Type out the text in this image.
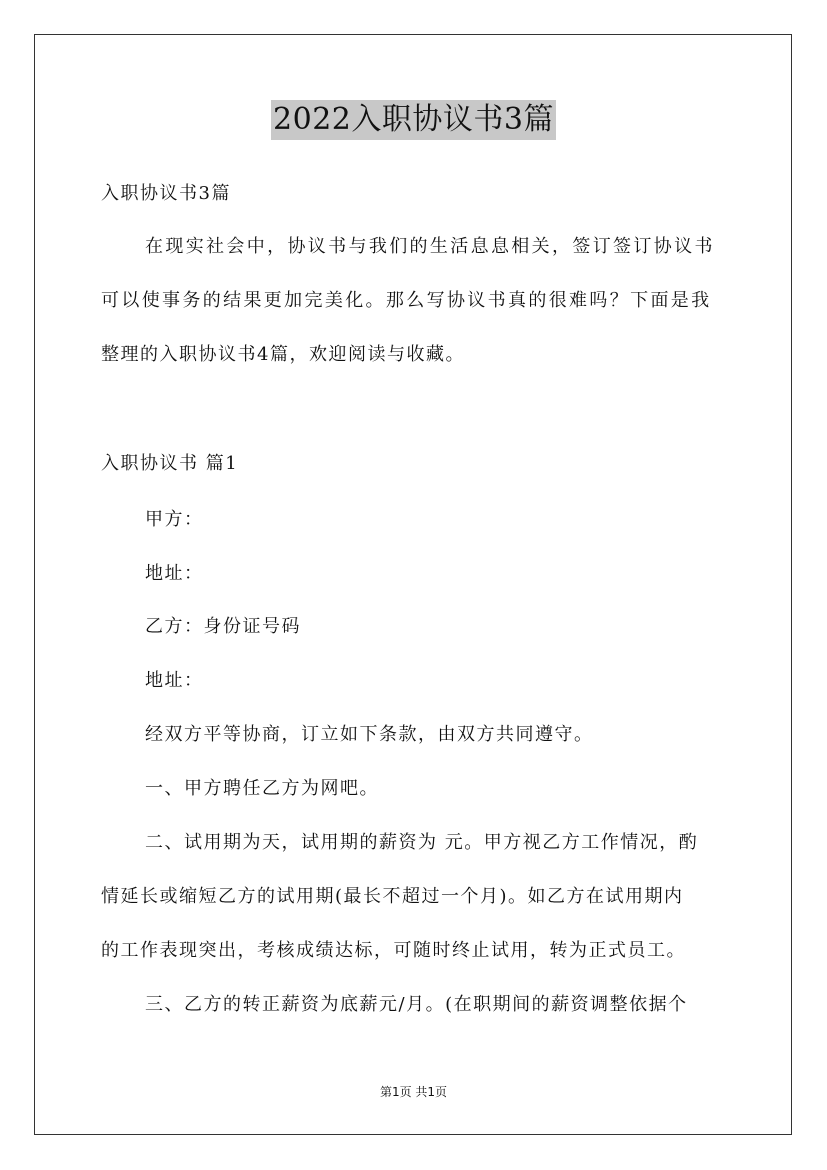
2022入职协议书3篇
入职协议书3篇
在现实社会中，协议书与我们的生活息息相关，签订签订协议书
可以使事务的结果更加完美化。那么写协议书真的很难吗？下面是我
整理的入职协议书4篇，欢迎阅读与收藏。
入职协议书 篇1
甲方：
地址：
乙方：身份证号码
地址：
经双方平等协商，订立如下条款，由双方共同遵守。
一、甲方聘任乙方为网吧。
二、试用期为天，试用期的薪资为 元。甲方视乙方工作情况，酌
情延长或缩短乙方的试用期(最长不超过一个月)。如乙方在试用期内
的工作表现突出，考核成绩达标，可随时终止试用，转为正式员工。
三、乙方的转正薪资为底薪元/月。(在职期间的薪资调整依据个
第1页 共1页
